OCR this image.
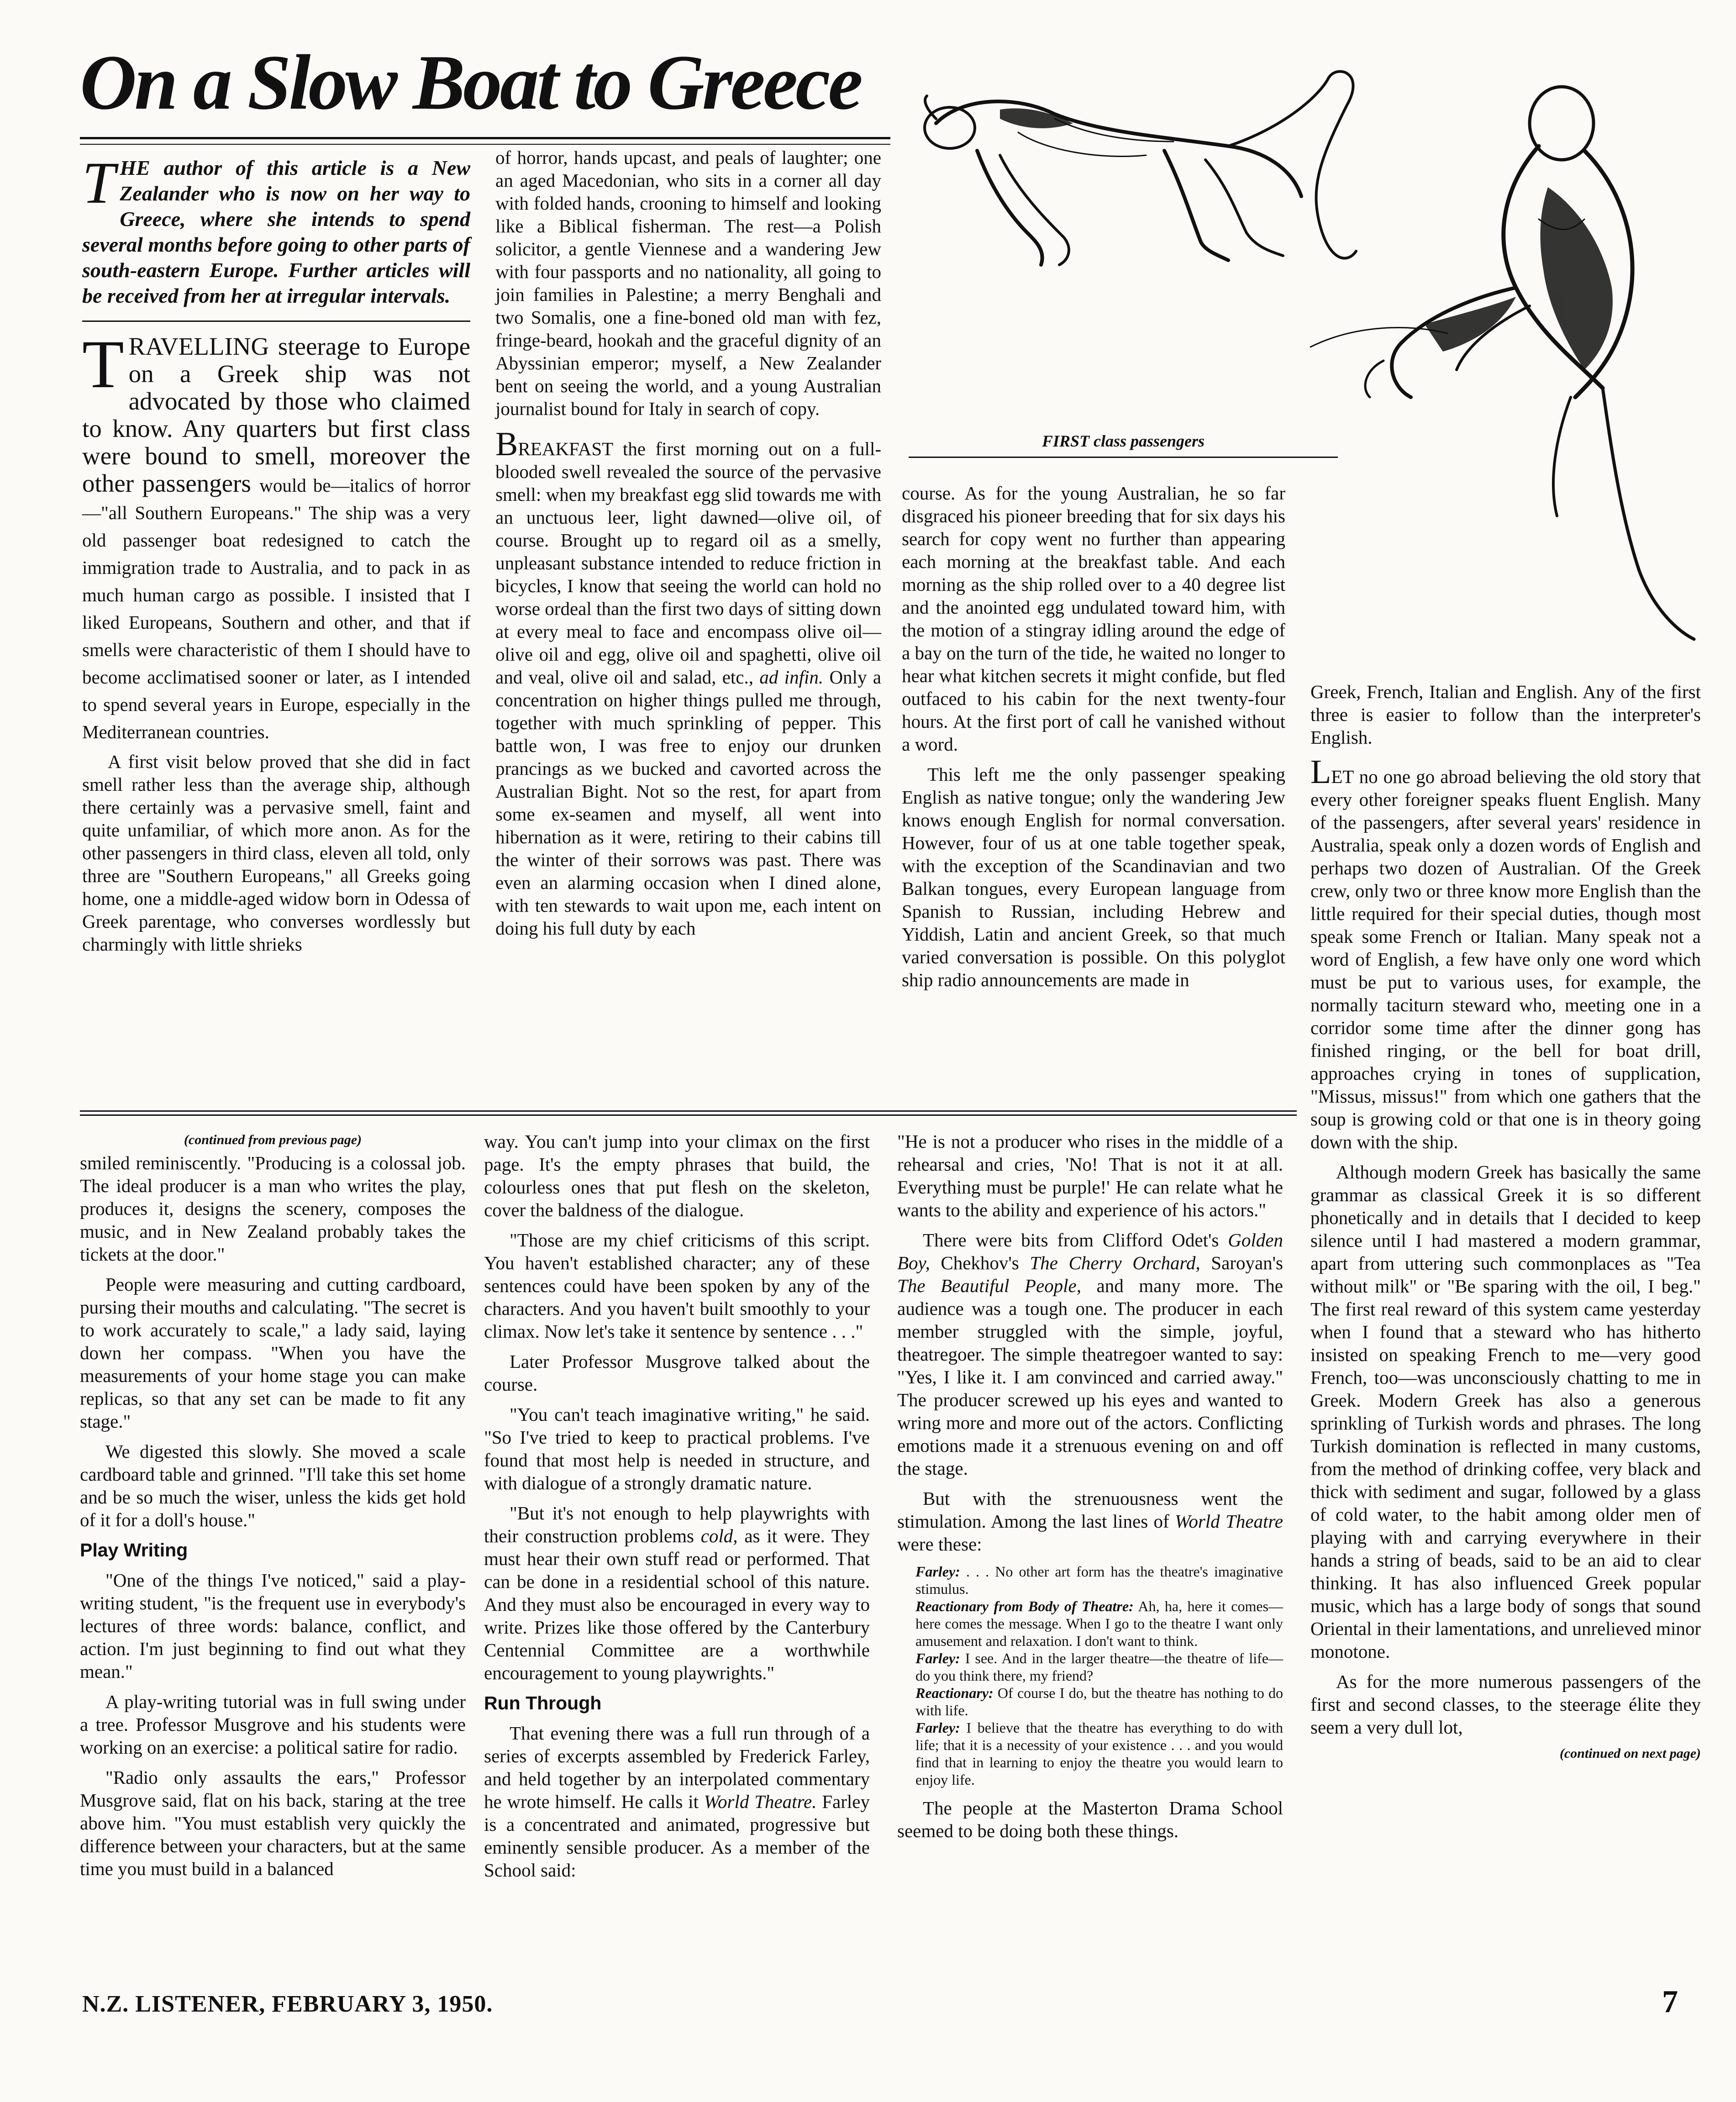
On a Slow Boat to Greece
FIRST class passengers
THE author of this article is a New Zealander who is now on her way to Greece, where she intends to spend several months before going to other parts of south-eastern Europe. Further articles will be received from her at irregular intervals.
TRAVELLING steerage to Europe on a Greek ship was not advocated by those who claimed to know. Any quarters but first class were bound to smell, moreover the other passengers would be—italics of horror—"all Southern Europeans." The ship was a very old passenger boat redesigned to catch the immigration trade to Australia, and to pack in as much human cargo as possible. I insisted that I liked Europeans, Southern and other, and that if smells were characteristic of them I should have to become acclimatised sooner or later, as I intended to spend several years in Europe, especially in the Mediterranean countries.

A first visit below proved that she did in fact smell rather less than the average ship, although there certainly was a pervasive smell, faint and quite unfamiliar, of which more anon. As for the other passengers in third class, eleven all told, only three are "Southern Europeans," all Greeks going home, one a middle-aged widow born in Odessa of Greek parentage, who converses wordlessly but charmingly with little shrieks

of horror, hands upcast, and peals of laughter; one an aged Macedonian, who sits in a corner all day with folded hands, crooning to himself and looking like a Biblical fisherman. The rest—a Polish solicitor, a gentle Viennese and a wandering Jew with four passports and no nationality, all going to join families in Palestine; a merry Benghali and two Somalis, one a fine-boned old man with fez, fringe-beard, hookah and the graceful dignity of an Abyssinian emperor; myself, a New Zealander bent on seeing the world, and a young Australian journalist bound for Italy in search of copy.

BREAKFAST the first morning out on a full-blooded swell revealed the source of the pervasive smell: when my breakfast egg slid towards me with an unctuous leer, light dawned—olive oil, of course. Brought up to regard oil as a smelly, unpleasant substance intended to reduce friction in bicycles, I know that seeing the world can hold no worse ordeal than the first two days of sitting down at every meal to face and encompass olive oil—olive oil and egg, olive oil and spaghetti, olive oil and veal, olive oil and salad, etc., ad infin. Only a concentration on higher things pulled me through, together with much sprinkling of pepper. This battle won, I was free to enjoy our drunken prancings as we bucked and cavorted across the Australian Bight. Not so the rest, for apart from some ex-seamen and myself, all went into hibernation as it were, retiring to their cabins till the winter of their sorrows was past. There was even an alarming occasion when I dined alone, with ten stewards to wait upon me, each intent on doing his full duty by each

course. As for the young Australian, he so far disgraced his pioneer breeding that for six days his search for copy went no further than appearing each morning at the breakfast table. And each morning as the ship rolled over to a 40 degree list and the anointed egg undulated toward him, with the motion of a stingray idling around the edge of a bay on the turn of the tide, he waited no longer to hear what kitchen secrets it might confide, but fled outfaced to his cabin for the next twenty-four hours. At the first port of call he vanished without a word.

This left me the only passenger speaking English as native tongue; only the wandering Jew knows enough English for normal conversation. However, four of us at one table together speak, with the exception of the Scandinavian and two Balkan tongues, every European language from Spanish to Russian, including Hebrew and Yiddish, Latin and ancient Greek, so that much varied conversation is possible. On this polyglot ship radio announcements are made in

Greek, French, Italian and English. Any of the first three is easier to follow than the interpreter's English.

LET no one go abroad believing the old story that every other foreigner speaks fluent English. Many of the passengers, after several years' residence in Australia, speak only a dozen words of English and perhaps two dozen of Australian. Of the Greek crew, only two or three know more English than the little required for their special duties, though most speak some French or Italian. Many speak not a word of English, a few have only one word which must be put to various uses, for example, the normally taciturn steward who, meeting one in a corridor some time after the dinner gong has finished ringing, or the bell for boat drill, approaches crying in tones of supplication, "Missus, missus!" from which one gathers that the soup is growing cold or that one is in theory going down with the ship.

Although modern Greek has basically the same grammar as classical Greek it is so different phonetically and in details that I decided to keep silence until I had mastered a modern grammar, apart from uttering such commonplaces as "Tea without milk" or "Be sparing with the oil, I beg." The first real reward of this system came yesterday when I found that a steward who has hitherto insisted on speaking French to me—very good French, too—was unconsciously chatting to me in Greek. Modern Greek has also a generous sprinkling of Turkish words and phrases. The long Turkish domination is reflected in many customs, from the method of drinking coffee, very black and thick with sediment and sugar, followed by a glass of cold water, to the habit among older men of playing with and carrying everywhere in their hands a string of beads, said to be an aid to clear thinking. It has also influenced Greek popular music, which has a large body of songs that sound Oriental in their lamentations, and unrelieved minor monotone.

As for the more numerous passengers of the first and second classes, to the steerage élite they seem a very dull lot,

(continued on next page)
(continued from previous page)

smiled reminiscently. "Producing is a colossal job. The ideal producer is a man who writes the play, produces it, designs the scenery, composes the music, and in New Zealand probably takes the tickets at the door."

People were measuring and cutting cardboard, pursing their mouths and calculating. "The secret is to work accurately to scale," a lady said, laying down her compass. "When you have the measurements of your home stage you can make replicas, so that any set can be made to fit any stage."

We digested this slowly. She moved a scale cardboard table and grinned. "I'll take this set home and be so much the wiser, unless the kids get hold of it for a doll's house."

Play Writing

"One of the things I've noticed," said a play-writing student, "is the frequent use in everybody's lectures of three words: balance, conflict, and action. I'm just beginning to find out what they mean."

A play-writing tutorial was in full swing under a tree. Professor Musgrove and his students were working on an exercise: a political satire for radio.

"Radio only assaults the ears," Professor Musgrove said, flat on his back, staring at the tree above him. "You must establish very quickly the difference between your characters, but at the same time you must build in a balanced

way. You can't jump into your climax on the first page. It's the empty phrases that build, the colourless ones that put flesh on the skeleton, cover the baldness of the dialogue.

"Those are my chief criticisms of this script. You haven't established character; any of these sentences could have been spoken by any of the characters. And you haven't built smoothly to your climax. Now let's take it sentence by sentence . . ."

Later Professor Musgrove talked about the course.

"You can't teach imaginative writing," he said. "So I've tried to keep to practical problems. I've found that most help is needed in structure, and with dialogue of a strongly dramatic nature.

"But it's not enough to help playwrights with their construction problems cold, as it were. They must hear their own stuff read or performed. That can be done in a residential school of this nature. And they must also be encouraged in every way to write. Prizes like those offered by the Canterbury Centennial Committee are a worthwhile encouragement to young playwrights."

Run Through

That evening there was a full run through of a series of excerpts assembled by Frederick Farley, and held together by an interpolated commentary he wrote himself. He calls it World Theatre. Farley is a concentrated and animated, progressive but eminently sensible producer. As a member of the School said:

"He is not a producer who rises in the middle of a rehearsal and cries, 'No! That is not it at all. Everything must be purple!' He can relate what he wants to the ability and experience of his actors."

There were bits from Clifford Odet's Golden Boy, Chekhov's The Cherry Orchard, Saroyan's The Beautiful People, and many more. The audience was a tough one. The producer in each member struggled with the simple, joyful, theatregoer. The simple theatregoer wanted to say: "Yes, I like it. I am convinced and carried away." The producer screwed up his eyes and wanted to wring more and more out of the actors. Conflicting emotions made it a strenuous evening on and off the stage.

But with the strenuousness went the stimulation. Among the last lines of World Theatre were these:

Farley: . . . No other art form has the theatre's imaginative stimulus.

Reactionary from Body of Theatre: Ah, ha, here it comes—here comes the message. When I go to the theatre I want only amusement and relaxation. I don't want to think.

Farley: I see. And in the larger theatre—the theatre of life—do you think there, my friend?

Reactionary: Of course I do, but the theatre has nothing to do with life.

Farley: I believe that the theatre has everything to do with life; that it is a necessity of your existence . . . and you would find that in learning to enjoy the theatre you would learn to enjoy life.

The people at the Masterton Drama School seemed to be doing both these things.

N.Z. LISTENER, FEBRUARY 3, 1950.	7
